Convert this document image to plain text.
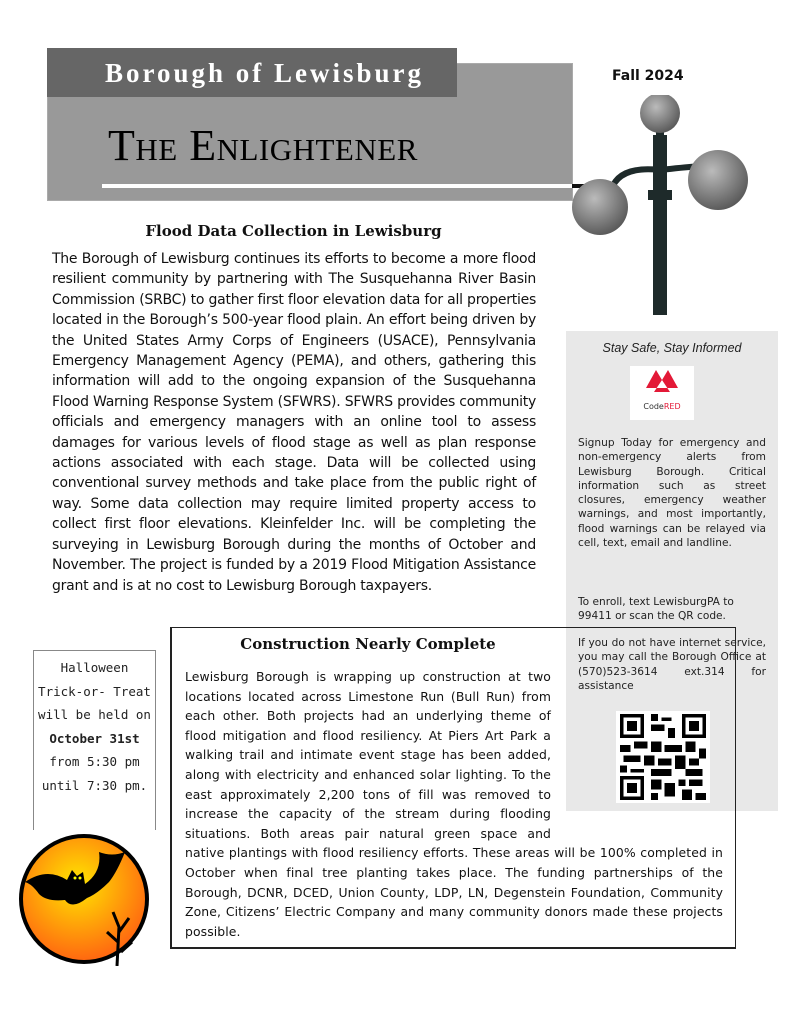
Borough of Lewisburg
The Enlightener
Fall 2024
Flood Data Collection in Lewisburg
The Borough of Lewisburg continues its efforts to become a more flood resilient community by partnering with The Susquehanna River Basin Commission (SRBC) to gather first floor elevation data for all properties located in the Borough’s 500-year flood plain. An effort being driven by the United States Army Corps of Engineers (USACE), Pennsylvania Emergency Management Agency (PEMA), and others, gathering this information will add to the ongoing expansion of the Susquehanna Flood Warning Response System (SFWRS). SFWRS provides community officials and emergency managers with an online tool to assess damages for various levels of flood stage as well as plan response actions associated with each stage. Data will be collected using conventional survey methods and take place from the public right of way. Some data collection may require limited property access to collect first floor elevations. Kleinfelder Inc. will be completing the surveying in Lewisburg Borough during the months of October and November. The project is funded by a 2019 Flood Mitigation Assistance grant and is at no cost to Lewisburg Borough taxpayers.
Stay Safe, Stay Informed
CodeRED
Signup Today for emergency and non-emergency alerts from Lewisburg Borough. Critical information such as street closures, emergency weather warnings, and most importantly, flood warnings can be relayed via cell, text, email and landline.
To enroll, text LewisburgPA to 99411 or scan the QR code.
If you do not have internet service, you may call the Borough Office at (570)523-3614 ext.314 for assistance
Construction Nearly Complete
Lewisburg Borough is wrapping up construction at two locations located across Limestone Run (Bull Run) from each other. Both projects had an underlying theme of flood mitigation and flood resiliency. At Piers Art Park a walking trail and intimate event stage has been added, along with electricity and enhanced solar lighting. To the east approximately 2,200 tons of fill was removed to increase the capacity of the stream during flooding situations. Both areas pair natural green space and native plantings with flood resiliency efforts. These areas will be 100% completed in October when final tree planting takes place. The funding partnerships of the Borough, DCNR, DCED, Union County, LDP, LN, Degenstein Foundation, Community Zone, Citizens’ Electric Company and many community donors made these projects possible.
Halloween
Trick-or- Treat
will be held on
October 31st
from 5:30 pm
until 7:30 pm.
